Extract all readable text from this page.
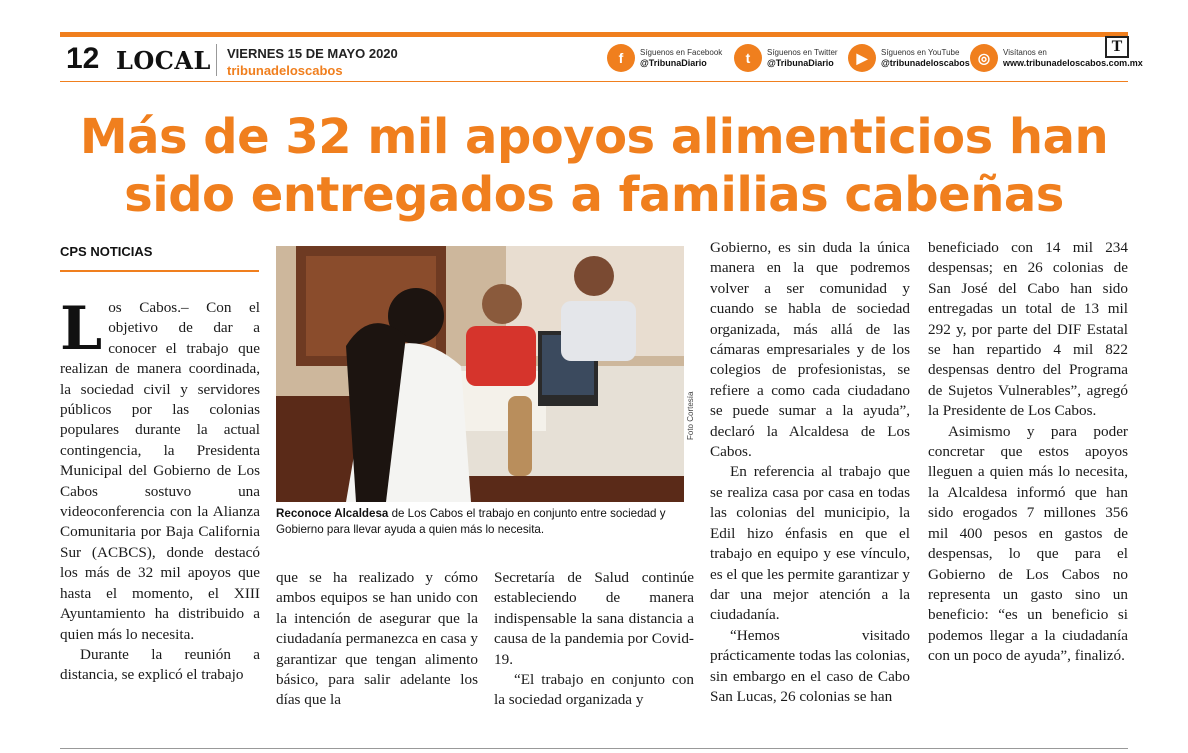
12 LOCAL VIERNES 15 DE MAYO 2020
tribunadeloscabos
f	Síguenos en Facebook
@TribunaDiario	t	Síguenos en Twitter
@TribunaDiario	▶	Síguenos en YouTube
@tribunadeloscabos ◎	Visítanos en
www.tribunadeloscabos.com.mx
T
Más de 32 mil apoyos alimenticios han sido entregados a familias cabeñas
CPS NOTICIAS

Los Cabos.– Con el objetivo de dar a conocer el trabajo que realizan de manera coordinada, la sociedad civil y servidores públicos por las colonias populares durante la actual contingencia, la Presidenta Municipal del Gobierno de Los Cabos sostuvo una videoconferencia con la Alianza Comunitaria por Baja California Sur (ACBCS), donde destacó los más de 32 mil apoyos que hasta el momento, el XIII Ayuntamiento ha distribuido a quien más lo necesita.

Durante la reunión a distancia, se explicó el trabajo

Foto Cortesía
Reconoce Alcaldesa de Los Cabos el trabajo en conjunto entre sociedad y Gobierno para llevar ayuda a quien más lo necesita.

que se ha realizado y cómo ambos equipos se han unido con la intención de asegurar que la ciudadanía permanezca en casa y garantizar que tengan alimento básico, para salir adelante los días que la

Secretaría de Salud continúe estableciendo de manera indispensable la sana distancia a causa de la pandemia por Covid-19.

“El trabajo en conjunto con la sociedad organizada y

Gobierno, es sin duda la única manera en la que podremos volver a ser comunidad y cuando se habla de sociedad organizada, más allá de las cámaras empresariales y de los colegios de profesionistas, se refiere a como cada ciudadano se puede sumar a la ayuda”, declaró la Alcaldesa de Los Cabos.

En referencia al trabajo que se realiza casa por casa en todas las colonias del municipio, la Edil hizo énfasis en que el trabajo en equipo y ese vínculo, es el que les permite garantizar y dar una mejor atención a la ciudadanía.

“Hemos visitado prácticamente todas las colonias, sin embargo en el caso de Cabo San Lucas, 26 colonias se han

beneficiado con 14 mil 234 despensas; en 26 colonias de San José del Cabo han sido entregadas un total de 13 mil 292 y, por parte del DIF Estatal se han repartido 4 mil 822 despensas dentro del Programa de Sujetos Vulnerables”, agregó la Presidente de Los Cabos.

Asimismo y para poder concretar que estos apoyos lleguen a quien más lo necesita, la Alcaldesa informó que han sido erogados 7 millones 356 mil 400 pesos en gastos de despensas, lo que para el Gobierno de Los Cabos no representa un gasto sino un beneficio: “es un beneficio si podemos llegar a la ciudadanía con un poco de ayuda”, finalizó.
